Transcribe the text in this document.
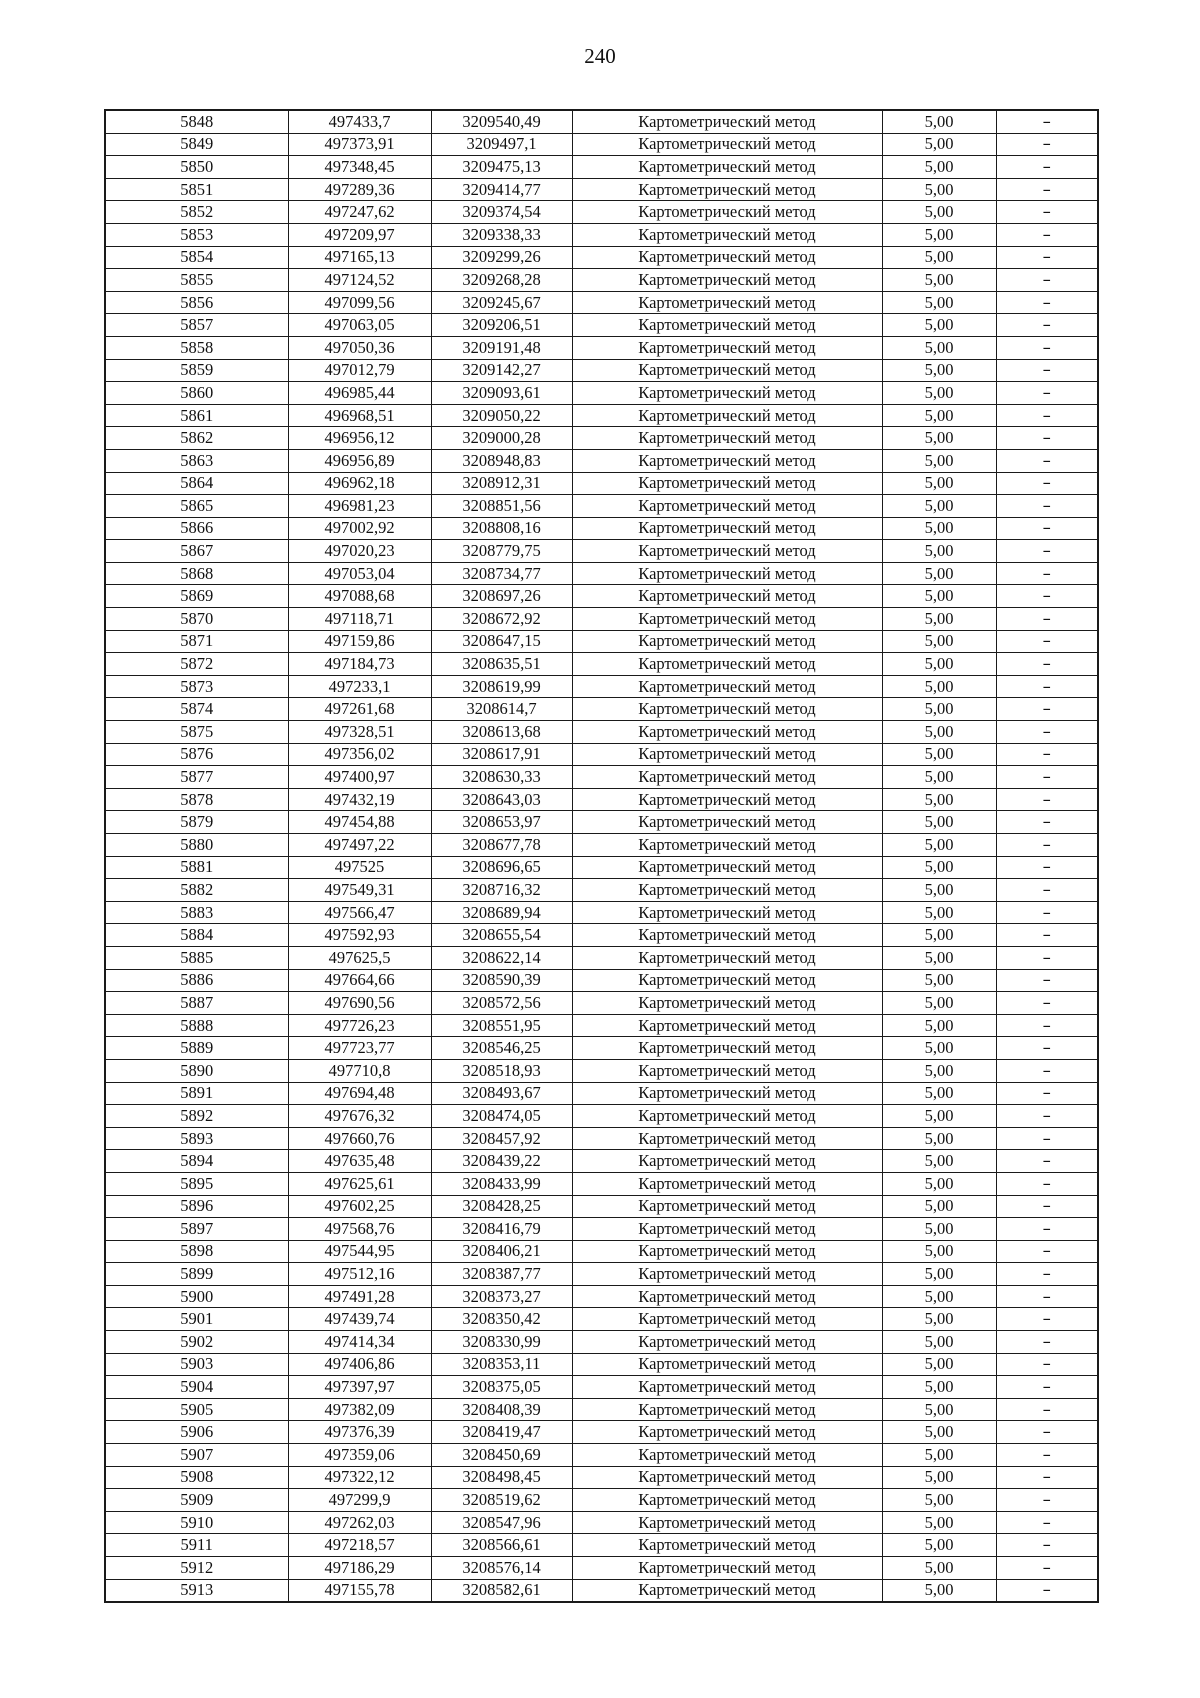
240
5848	497433,7	3209540,49	Картометрический метод	5,00	–
5849	497373,91	3209497,1	Картометрический метод	5,00	–
5850	497348,45	3209475,13	Картометрический метод	5,00	–
5851	497289,36	3209414,77	Картометрический метод	5,00	–
5852	497247,62	3209374,54	Картометрический метод	5,00	–
5853	497209,97	3209338,33	Картометрический метод	5,00	–
5854	497165,13	3209299,26	Картометрический метод	5,00	–
5855	497124,52	3209268,28	Картометрический метод	5,00	–
5856	497099,56	3209245,67	Картометрический метод	5,00	–
5857	497063,05	3209206,51	Картометрический метод	5,00	–
5858	497050,36	3209191,48	Картометрический метод	5,00	–
5859	497012,79	3209142,27	Картометрический метод	5,00	–
5860	496985,44	3209093,61	Картометрический метод	5,00	–
5861	496968,51	3209050,22	Картометрический метод	5,00	–
5862	496956,12	3209000,28	Картометрический метод	5,00	–
5863	496956,89	3208948,83	Картометрический метод	5,00	–
5864	496962,18	3208912,31	Картометрический метод	5,00	–
5865	496981,23	3208851,56	Картометрический метод	5,00	–
5866	497002,92	3208808,16	Картометрический метод	5,00	–
5867	497020,23	3208779,75	Картометрический метод	5,00	–
5868	497053,04	3208734,77	Картометрический метод	5,00	–
5869	497088,68	3208697,26	Картометрический метод	5,00	–
5870	497118,71	3208672,92	Картометрический метод	5,00	–
5871	497159,86	3208647,15	Картометрический метод	5,00	–
5872	497184,73	3208635,51	Картометрический метод	5,00	–
5873	497233,1	3208619,99	Картометрический метод	5,00	–
5874	497261,68	3208614,7	Картометрический метод	5,00	–
5875	497328,51	3208613,68	Картометрический метод	5,00	–
5876	497356,02	3208617,91	Картометрический метод	5,00	–
5877	497400,97	3208630,33	Картометрический метод	5,00	–
5878	497432,19	3208643,03	Картометрический метод	5,00	–
5879	497454,88	3208653,97	Картометрический метод	5,00	–
5880	497497,22	3208677,78	Картометрический метод	5,00	–
5881	497525	3208696,65	Картометрический метод	5,00	–
5882	497549,31	3208716,32	Картометрический метод	5,00	–
5883	497566,47	3208689,94	Картометрический метод	5,00	–
5884	497592,93	3208655,54	Картометрический метод	5,00	–
5885	497625,5	3208622,14	Картометрический метод	5,00	–
5886	497664,66	3208590,39	Картометрический метод	5,00	–
5887	497690,56	3208572,56	Картометрический метод	5,00	–
5888	497726,23	3208551,95	Картометрический метод	5,00	–
5889	497723,77	3208546,25	Картометрический метод	5,00	–
5890	497710,8	3208518,93	Картометрический метод	5,00	–
5891	497694,48	3208493,67	Картометрический метод	5,00	–
5892	497676,32	3208474,05	Картометрический метод	5,00	–
5893	497660,76	3208457,92	Картометрический метод	5,00	–
5894	497635,48	3208439,22	Картометрический метод	5,00	–
5895	497625,61	3208433,99	Картометрический метод	5,00	–
5896	497602,25	3208428,25	Картометрический метод	5,00	–
5897	497568,76	3208416,79	Картометрический метод	5,00	–
5898	497544,95	3208406,21	Картометрический метод	5,00	–
5899	497512,16	3208387,77	Картометрический метод	5,00	–
5900	497491,28	3208373,27	Картометрический метод	5,00	–
5901	497439,74	3208350,42	Картометрический метод	5,00	–
5902	497414,34	3208330,99	Картометрический метод	5,00	–
5903	497406,86	3208353,11	Картометрический метод	5,00	–
5904	497397,97	3208375,05	Картометрический метод	5,00	–
5905	497382,09	3208408,39	Картометрический метод	5,00	–
5906	497376,39	3208419,47	Картометрический метод	5,00	–
5907	497359,06	3208450,69	Картометрический метод	5,00	–
5908	497322,12	3208498,45	Картометрический метод	5,00	–
5909	497299,9	3208519,62	Картометрический метод	5,00	–
5910	497262,03	3208547,96	Картометрический метод	5,00	–
5911	497218,57	3208566,61	Картометрический метод	5,00	–
5912	497186,29	3208576,14	Картометрический метод	5,00	–
5913	497155,78	3208582,61	Картометрический метод	5,00	–
